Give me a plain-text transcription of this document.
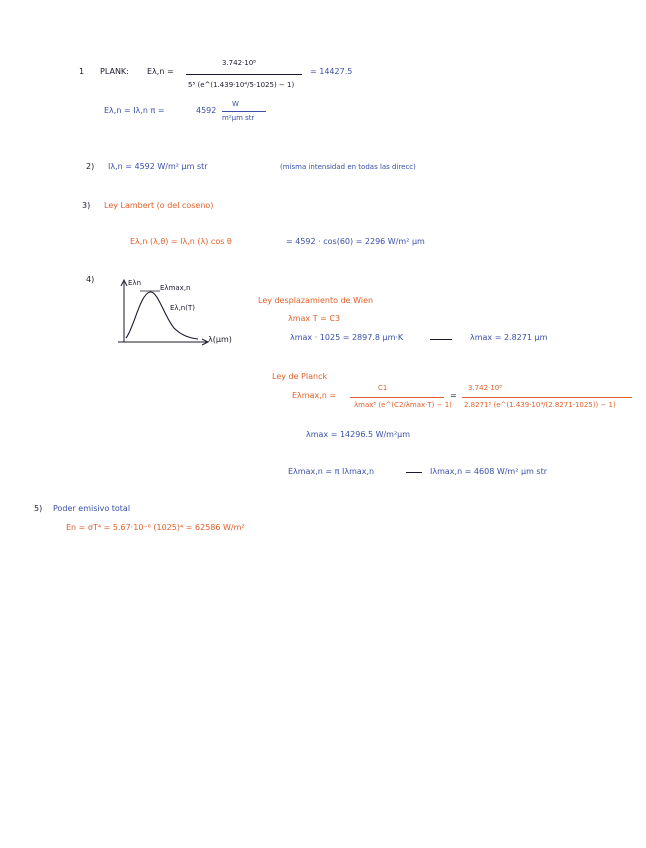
1 PLANK: Eλ,n =
3.742·10⁸
5⁵ (e^(1.439·10⁴/5·1025) − 1)
= 14427.5
Eλ,n = Iλ,n π =	4592
W
m²μm str
2) Iλ,n = 4592 W/m² μm str	(misma intensidad en todas las direcc)
3) Ley Lambert (o del coseno)
Eλ,n (λ,θ) = Iλ,n (λ) cos θ	= 4592 · cos(60) = 2296 W/m² μm
4)	Eλn
Eλmax,n
Eλ,n(T)
λ(μm)
Ley desplazamiento de Wien
λmax T = C3
λmax · 1025 = 2897.8 μm·K	λmax = 2.8271 μm
Ley de Planck
Eλmax,n =
C1
λmax⁵ (e^(C2/λmax·T) − 1)
=
3.742·10⁸
2.8271⁵ (e^(1.439·10⁴/(2.8271·1025)) − 1)
λmax = 14296.5 W/m²μm
Eλmax,n = π Iλmax,n	Iλmax,n = 4608 W/m² μm str
5) Poder emisivo total
En = σT⁴ = 5.67·10⁻⁸ (1025)⁴ = 62586 W/m²
